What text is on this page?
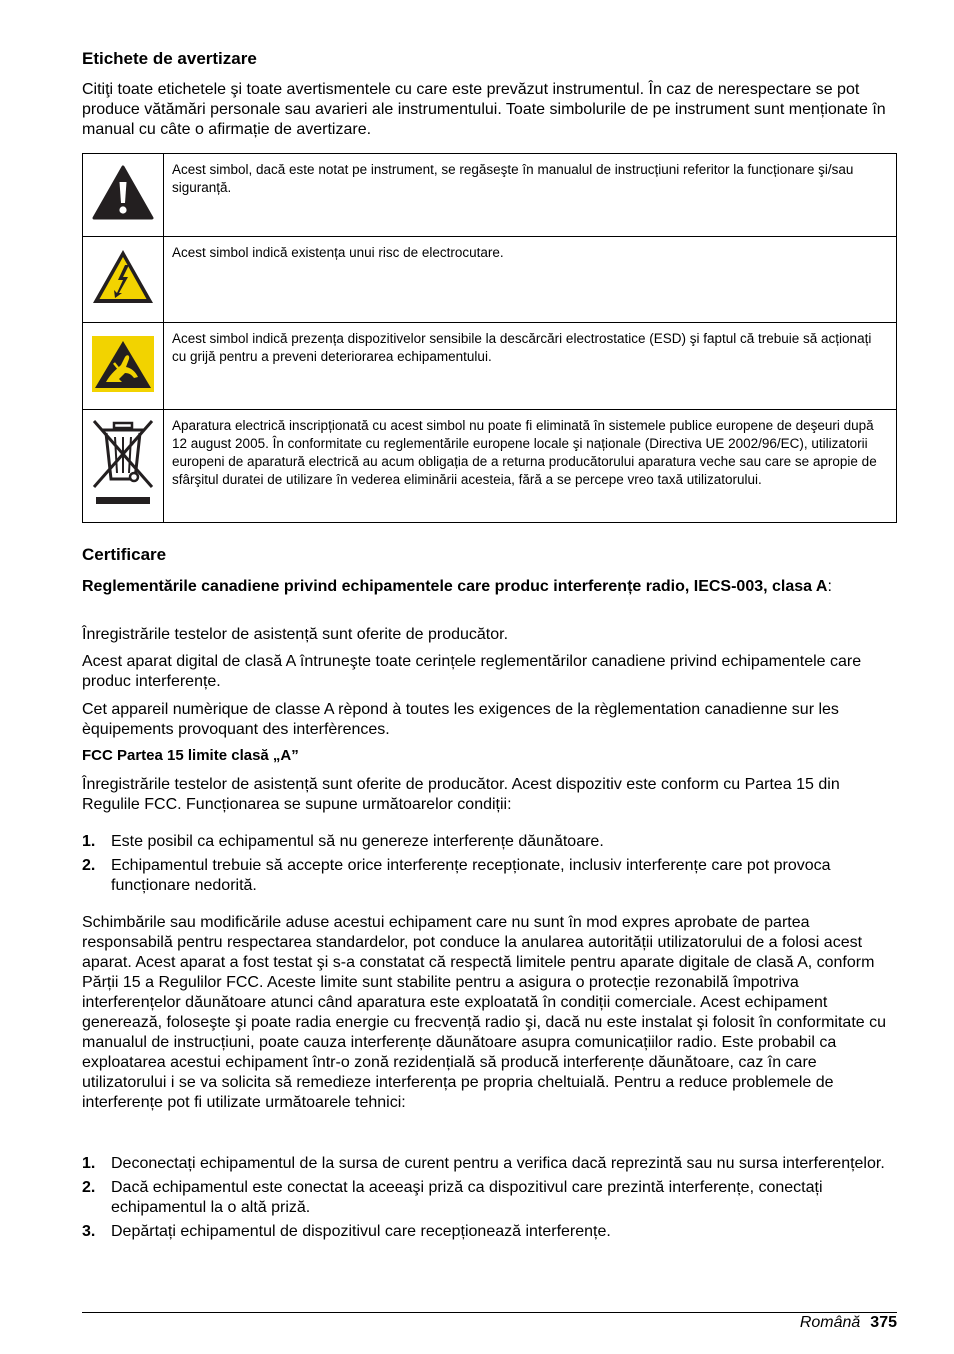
Etichete de avertizare

Citiţi toate etichetele şi toate avertismentele cu care este prevăzut instrumentul. În caz de nerespectare se pot produce vătămări personale sau avarieri ale instrumentului. Toate simbolurile de pe instrument sunt menționate în manual cu câte o afirmație de avertizare.

	Acest simbol, dacă este notat pe instrument, se regăseşte în manualul de instrucțiuni referitor la funcționare şi/sau siguranță.
	Acest simbol indică existența unui risc de electrocutare.
	Acest simbol indică prezența dispozitivelor sensibile la descărcări electrostatice (ESD) şi faptul că trebuie să acționați cu grijă pentru a preveni deteriorarea echipamentului.
	Aparatura electrică inscripționată cu acest simbol nu poate fi eliminată în sistemele publice europene de deşeuri după 12 august 2005. În conformitate cu reglementările europene locale şi naționale (Directiva UE 2002/96/EC), utilizatorii europeni de aparatură electrică au acum obligația de a returna producătorului aparatura veche sau care se apropie de sfârşitul duratei de utilizare în vederea eliminării acesteia, fără a se percepe vreo taxă utilizatorului.
Certificare

Reglementările canadiene privind echipamentele care produc interferențe radio, IECS-003, clasa A:

Înregistrările testelor de asistență sunt oferite de producător.

Acest aparat digital de clasă A întruneşte toate cerințele reglementărilor canadiene privind echipamentele care produc interferențe.

Cet appareil numèrique de classe A rèpond à toutes les exigences de la règlementation canadienne sur les èquipements provoquant des interfèrences.

FCC Partea 15 limite clasă „A”

Înregistrările testelor de asistență sunt oferite de producător. Acest dispozitiv este conform cu Partea 15 din Regulile FCC. Funcționarea se supune următoarelor condiții:

1. Este posibil ca echipamentul să nu genereze interferențe dăunătoare.
2. Echipamentul trebuie să accepte orice interferențe recepționate, inclusiv interferențe care pot provoca funcționare nedorită.

Schimbările sau modificările aduse acestui echipament care nu sunt în mod expres aprobate de partea responsabilă pentru respectarea standardelor, pot conduce la anularea autorității utilizatorului de a folosi acest aparat. Acest aparat a fost testat şi s-a constatat că respectă limitele pentru aparate digitale de clasă A, conform Părții 15 a Regulilor FCC. Aceste limite sunt stabilite pentru a asigura o protecție rezonabilă împotriva interferențelor dăunătoare atunci când aparatura este exploatată în condiții comerciale. Acest echipament generează, foloseşte şi poate radia energie cu frecvență radio şi, dacă nu este instalat şi folosit în conformitate cu manualul de instrucțiuni, poate cauza interferențe dăunătoare asupra comunicațiilor radio. Este probabil ca exploatarea acestui echipament într-o zonă rezidențială să producă interferențe dăunătoare, caz în care utilizatorului i se va solicita să remedieze interferența pe propria cheltuială. Pentru a reduce problemele de interferențe pot fi utilizate următoarele tehnici:

1. Deconectați echipamentul de la sursa de curent pentru a verifica dacă reprezintă sau nu sursa interferențelor.
2. Dacă echipamentul este conectat la aceeaşi priză ca dispozitivul care prezintă interferențe, conectați echipamentul la o altă priză.
3. Depărtați echipamentul de dispozitivul care recepționează interferențe.
Română 375
